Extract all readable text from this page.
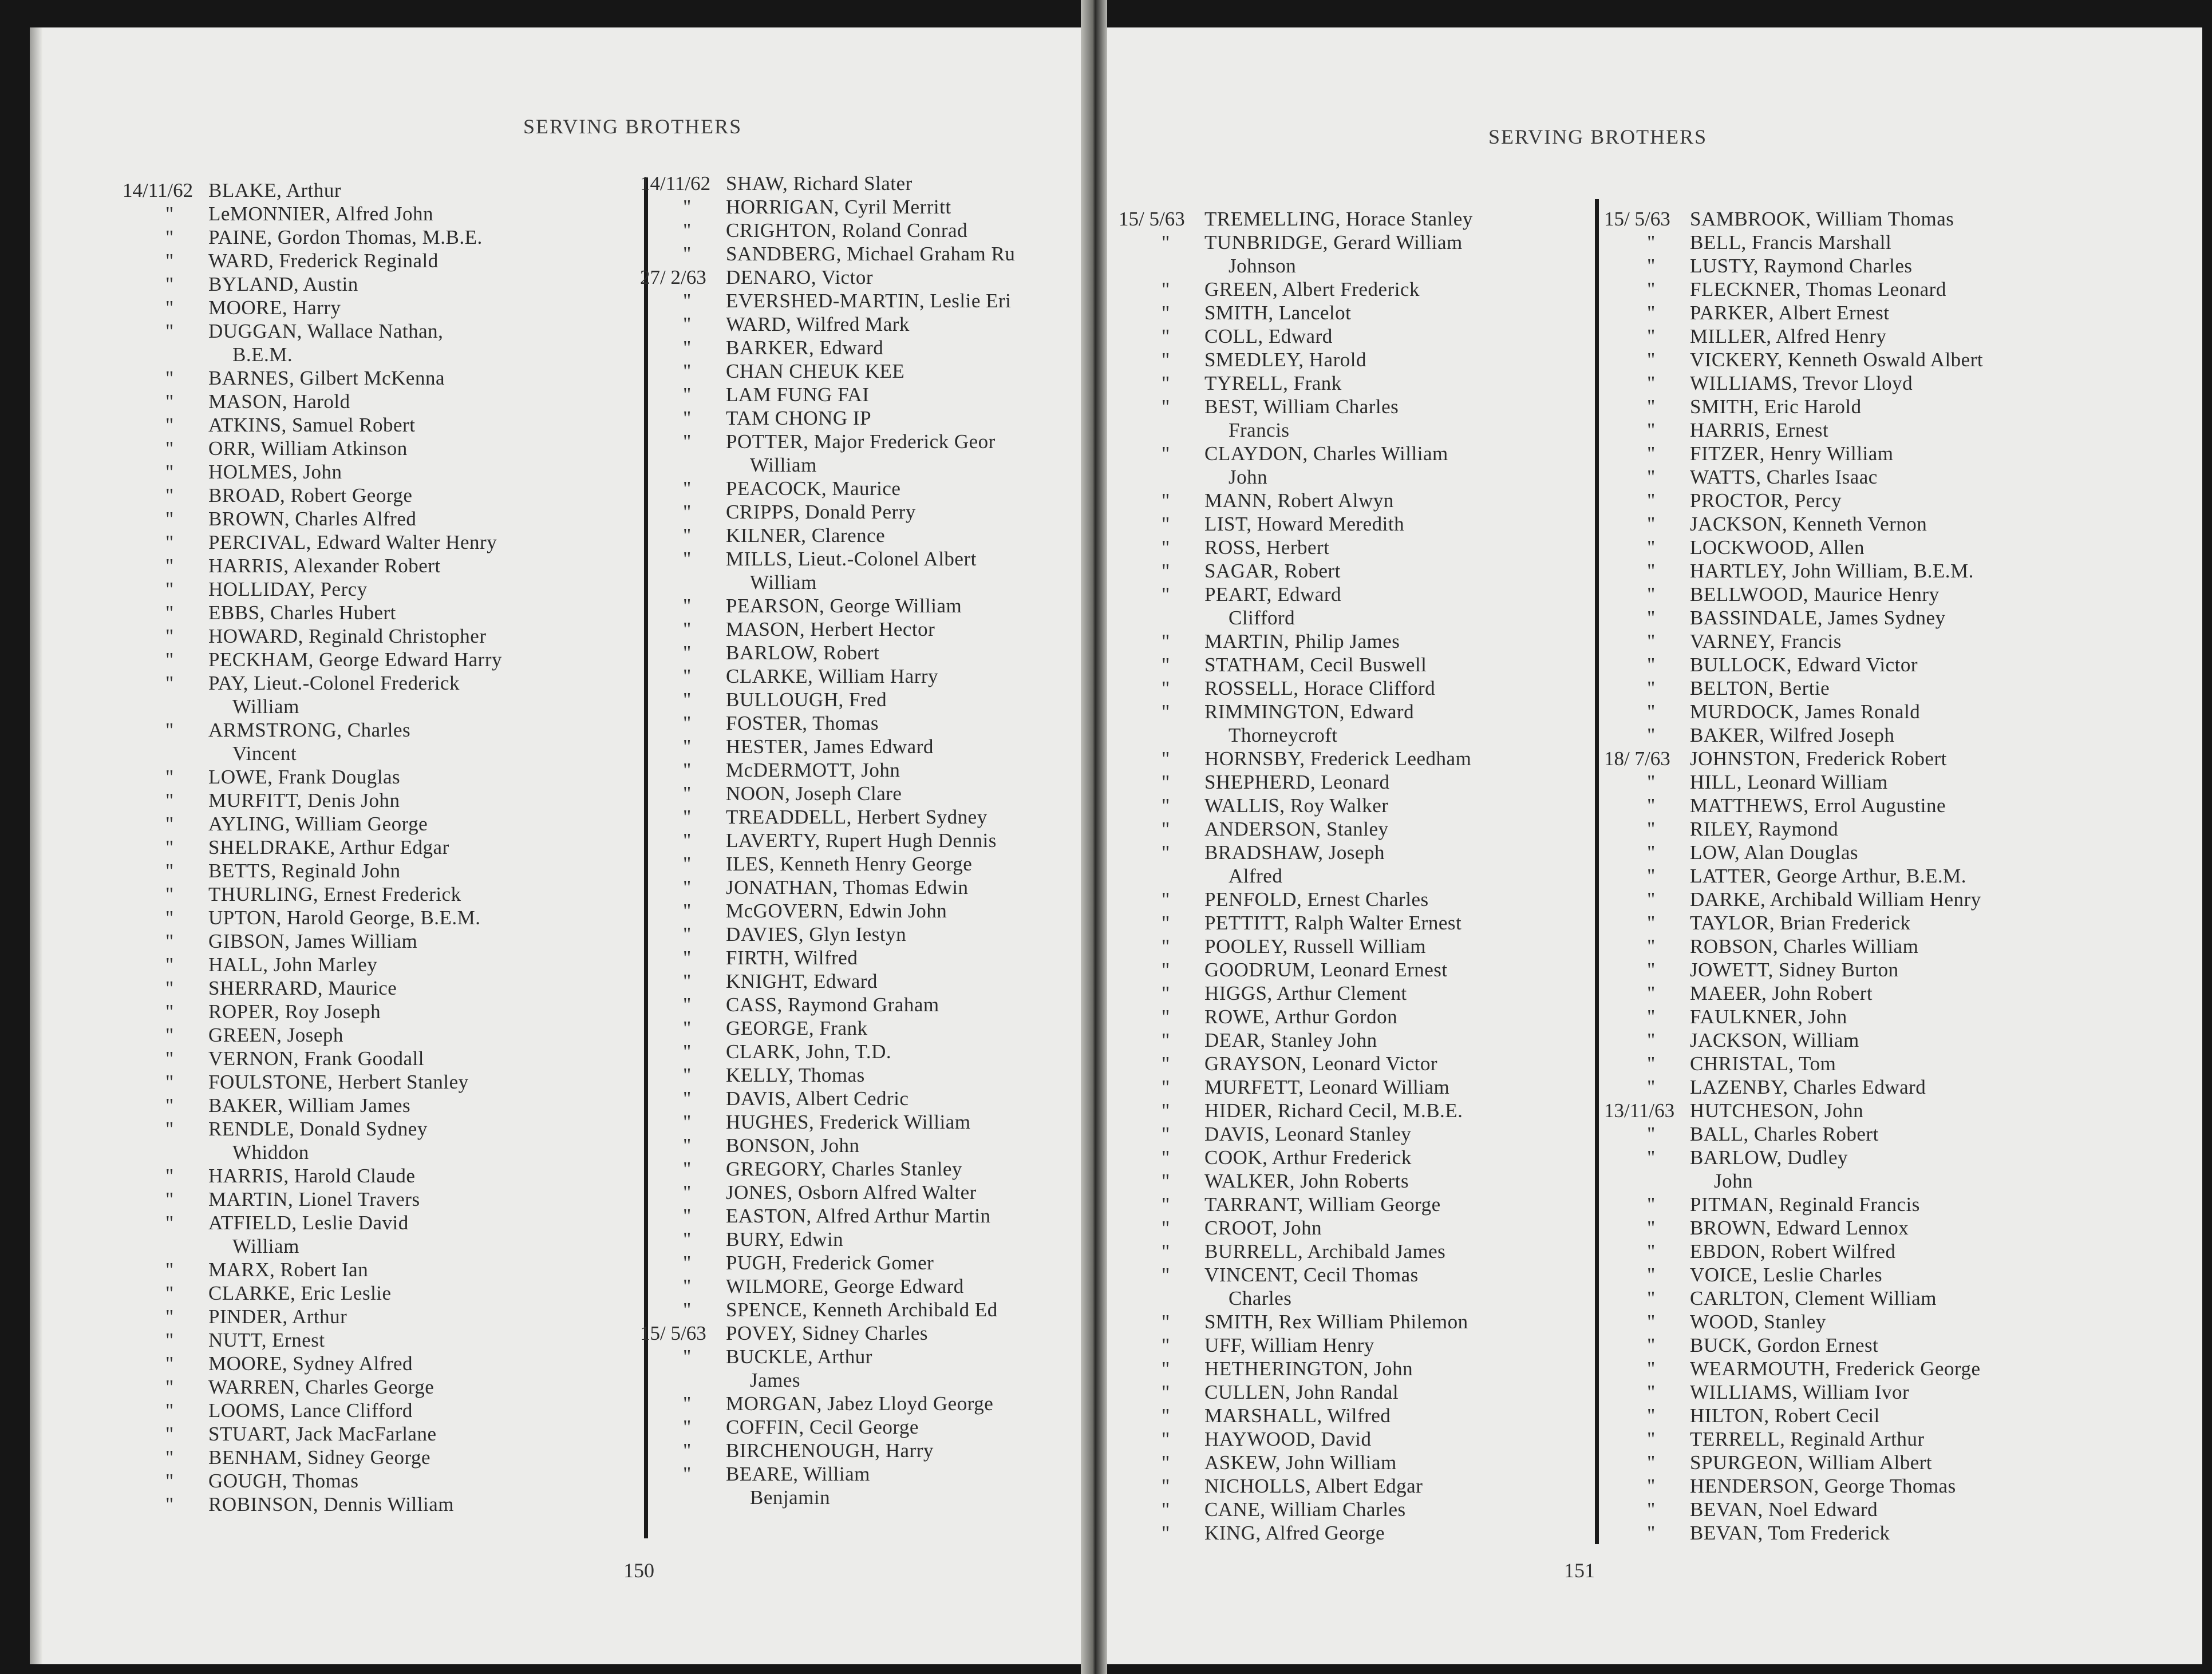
SERVING BROTHERS
14/11/62 BLAKE, Arthur
"	LeMONNIER, Alfred John
"	PAINE, Gordon Thomas, M.B.E.
"	WARD, Frederick Reginald
"	BYLAND, Austin
"	MOORE, Harry
"	DUGGAN, Wallace Nathan,
B.E.M.
"	BARNES, Gilbert McKenna
"	MASON, Harold
"	ATKINS, Samuel Robert
"	ORR, William Atkinson
"	HOLMES, John
"	BROAD, Robert George
"	BROWN, Charles Alfred
"	PERCIVAL, Edward Walter Henry
"	HARRIS, Alexander Robert
"	HOLLIDAY, Percy
"	EBBS, Charles Hubert
"	HOWARD, Reginald Christopher
"	PECKHAM, George Edward Harry
"	PAY, Lieut.-Colonel Frederick
William
"	ARMSTRONG, Charles
Vincent
"	LOWE, Frank Douglas
"	MURFITT, Denis John
"	AYLING, William George
"	SHELDRAKE, Arthur Edgar
"	BETTS, Reginald John
"	THURLING, Ernest Frederick
"	UPTON, Harold George, B.E.M.
"	GIBSON, James William
"	HALL, John Marley
"	SHERRARD, Maurice
"	ROPER, Roy Joseph
"	GREEN, Joseph
"	VERNON, Frank Goodall
"	FOULSTONE, Herbert Stanley
"	BAKER, William James
"	RENDLE, Donald Sydney
Whiddon
"	HARRIS, Harold Claude
"	MARTIN, Lionel Travers
"	ATFIELD, Leslie David
William
"	MARX, Robert Ian
"	CLARKE, Eric Leslie
"	PINDER, Arthur
"	NUTT, Ernest
"	MOORE, Sydney Alfred
"	WARREN, Charles George
"	LOOMS, Lance Clifford
"	STUART, Jack MacFarlane
"	BENHAM, Sidney George
"	GOUGH, Thomas
"	ROBINSON, Dennis William
14/11/62 SHAW, Richard Slater
"	HORRIGAN, Cyril Merritt
"	CRIGHTON, Roland Conrad
"	SANDBERG, Michael Graham Ru
27/ 2/63 DENARO, Victor
"	EVERSHED-MARTIN, Leslie Eri
"	WARD, Wilfred Mark
"	BARKER, Edward
"	CHAN CHEUK KEE
"	LAM FUNG FAI
"	TAM CHONG IP
"	POTTER, Major Frederick Geor
William
"	PEACOCK, Maurice
"	CRIPPS, Donald Perry
"	KILNER, Clarence
"	MILLS, Lieut.-Colonel Albert
William
"	PEARSON, George William
"	MASON, Herbert Hector
"	BARLOW, Robert
"	CLARKE, William Harry
"	BULLOUGH, Fred
"	FOSTER, Thomas
"	HESTER, James Edward
"	McDERMOTT, John
"	NOON, Joseph Clare
"	TREADDELL, Herbert Sydney
"	LAVERTY, Rupert Hugh Dennis
"	ILES, Kenneth Henry George
"	JONATHAN, Thomas Edwin
"	McGOVERN, Edwin John
"	DAVIES, Glyn Iestyn
"	FIRTH, Wilfred
"	KNIGHT, Edward
"	CASS, Raymond Graham
"	GEORGE, Frank
"	CLARK, John, T.D.
"	KELLY, Thomas
"	DAVIS, Albert Cedric
"	HUGHES, Frederick William
"	BONSON, John
"	GREGORY, Charles Stanley
"	JONES, Osborn Alfred Walter
"	EASTON, Alfred Arthur Martin
"	BURY, Edwin
"	PUGH, Frederick Gomer
"	WILMORE, George Edward
"	SPENCE, Kenneth Archibald Ed
15/ 5/63 POVEY, Sidney Charles
"	BUCKLE, Arthur
James
"	MORGAN, Jabez Lloyd George
"	COFFIN, Cecil George
"	BIRCHENOUGH, Harry
"	BEARE, William
Benjamin
150
SERVING BROTHERS
15/ 5/63 TREMELLING, Horace Stanley
"	TUNBRIDGE, Gerard William
Johnson
"	GREEN, Albert Frederick
"	SMITH, Lancelot
"	COLL, Edward
"	SMEDLEY, Harold
"	TYRELL, Frank
"	BEST, William Charles
Francis
"	CLAYDON, Charles William
John
"	MANN, Robert Alwyn
"	LIST, Howard Meredith
"	ROSS, Herbert
"	SAGAR, Robert
"	PEART, Edward
Clifford
"	MARTIN, Philip James
"	STATHAM, Cecil Buswell
"	ROSSELL, Horace Clifford
"	RIMMINGTON, Edward
Thorneycroft
"	HORNSBY, Frederick Leedham
"	SHEPHERD, Leonard
"	WALLIS, Roy Walker
"	ANDERSON, Stanley
"	BRADSHAW, Joseph
Alfred
"	PENFOLD, Ernest Charles
"	PETTITT, Ralph Walter Ernest
"	POOLEY, Russell William
"	GOODRUM, Leonard Ernest
"	HIGGS, Arthur Clement
"	ROWE, Arthur Gordon
"	DEAR, Stanley John
"	GRAYSON, Leonard Victor
"	MURFETT, Leonard William
"	HIDER, Richard Cecil, M.B.E.
"	DAVIS, Leonard Stanley
"	COOK, Arthur Frederick
"	WALKER, John Roberts
"	TARRANT, William George
"	CROOT, John
"	BURRELL, Archibald James
"	VINCENT, Cecil Thomas
Charles
"	SMITH, Rex William Philemon
"	UFF, William Henry
"	HETHERINGTON, John
"	CULLEN, John Randal
"	MARSHALL, Wilfred
"	HAYWOOD, David
"	ASKEW, John William
"	NICHOLLS, Albert Edgar
"	CANE, William Charles
"	KING, Alfred George
15/ 5/63 SAMBROOK, William Thomas
"	BELL, Francis Marshall
"	LUSTY, Raymond Charles
"	FLECKNER, Thomas Leonard
"	PARKER, Albert Ernest
"	MILLER, Alfred Henry
"	VICKERY, Kenneth Oswald Albert
"	WILLIAMS, Trevor Lloyd
"	SMITH, Eric Harold
"	HARRIS, Ernest
"	FITZER, Henry William
"	WATTS, Charles Isaac
"	PROCTOR, Percy
"	JACKSON, Kenneth Vernon
"	LOCKWOOD, Allen
"	HARTLEY, John William, B.E.M.
"	BELLWOOD, Maurice Henry
"	BASSINDALE, James Sydney
"	VARNEY, Francis
"	BULLOCK, Edward Victor
"	BELTON, Bertie
"	MURDOCK, James Ronald
"	BAKER, Wilfred Joseph
18/ 7/63 JOHNSTON, Frederick Robert
"	HILL, Leonard William
"	MATTHEWS, Errol Augustine
"	RILEY, Raymond
"	LOW, Alan Douglas
"	LATTER, George Arthur, B.E.M.
"	DARKE, Archibald William Henry
"	TAYLOR, Brian Frederick
"	ROBSON, Charles William
"	JOWETT, Sidney Burton
"	MAEER, John Robert
"	FAULKNER, John
"	JACKSON, William
"	CHRISTAL, Tom
"	LAZENBY, Charles Edward
13/11/63 HUTCHESON, John
"	BALL, Charles Robert
"	BARLOW, Dudley
John
"	PITMAN, Reginald Francis
"	BROWN, Edward Lennox
"	EBDON, Robert Wilfred
"	VOICE, Leslie Charles
"	CARLTON, Clement William
"	WOOD, Stanley
"	BUCK, Gordon Ernest
"	WEARMOUTH, Frederick George
"	WILLIAMS, William Ivor
"	HILTON, Robert Cecil
"	TERRELL, Reginald Arthur
"	SPURGEON, William Albert
"	HENDERSON, George Thomas
"	BEVAN, Noel Edward
"	BEVAN, Tom Frederick
151
